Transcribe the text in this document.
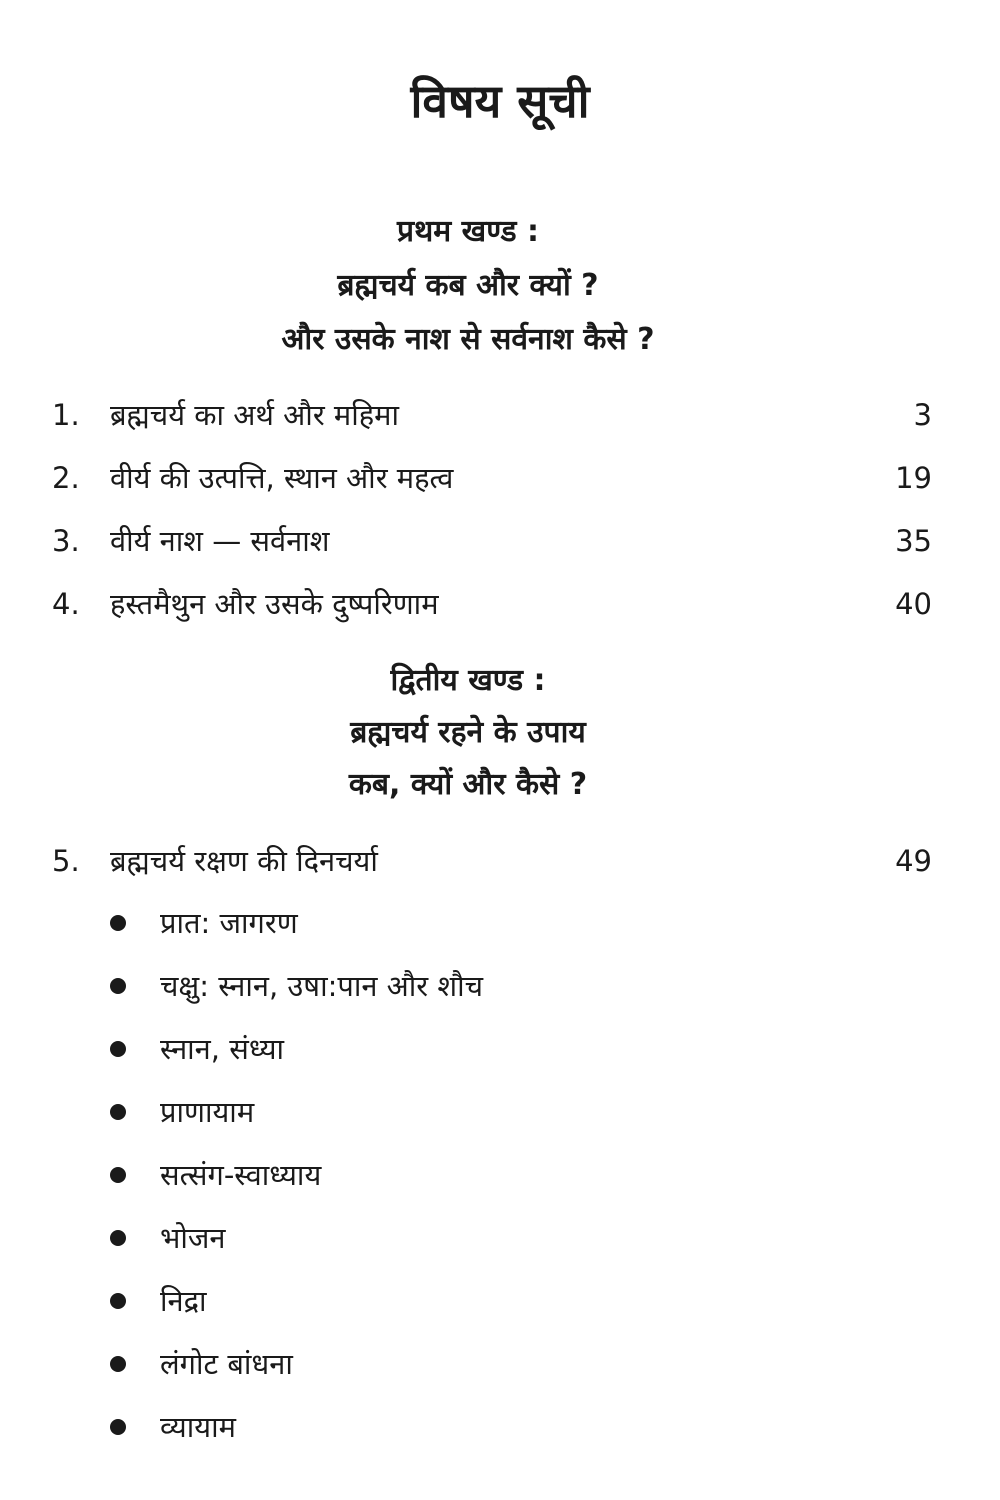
विषय सूची
प्रथम खण्ड :
ब्रह्मचर्य कब और क्यों ?
और उसके नाश से सर्वनाश कैसे ?
1. ब्रह्मचर्य का अर्थ और महिमा	3
2. वीर्य की उत्पत्ति, स्थान और महत्व	19
3. वीर्य नाश — सर्वनाश	35
4. हस्तमैथुन और उसके दुष्परिणाम	40
द्वितीय खण्ड :
ब्रह्मचर्य रहने के उपाय
कब, क्यों और कैसे ?
5. ब्रह्मचर्य रक्षण की दिनचर्या	49
प्रात: जागरण
चक्षु: स्नान, उषा:पान और शौच
स्नान, संध्या
प्राणायाम
सत्संग-स्वाध्याय
भोजन
निद्रा
लंगोट बांधना
व्यायाम
